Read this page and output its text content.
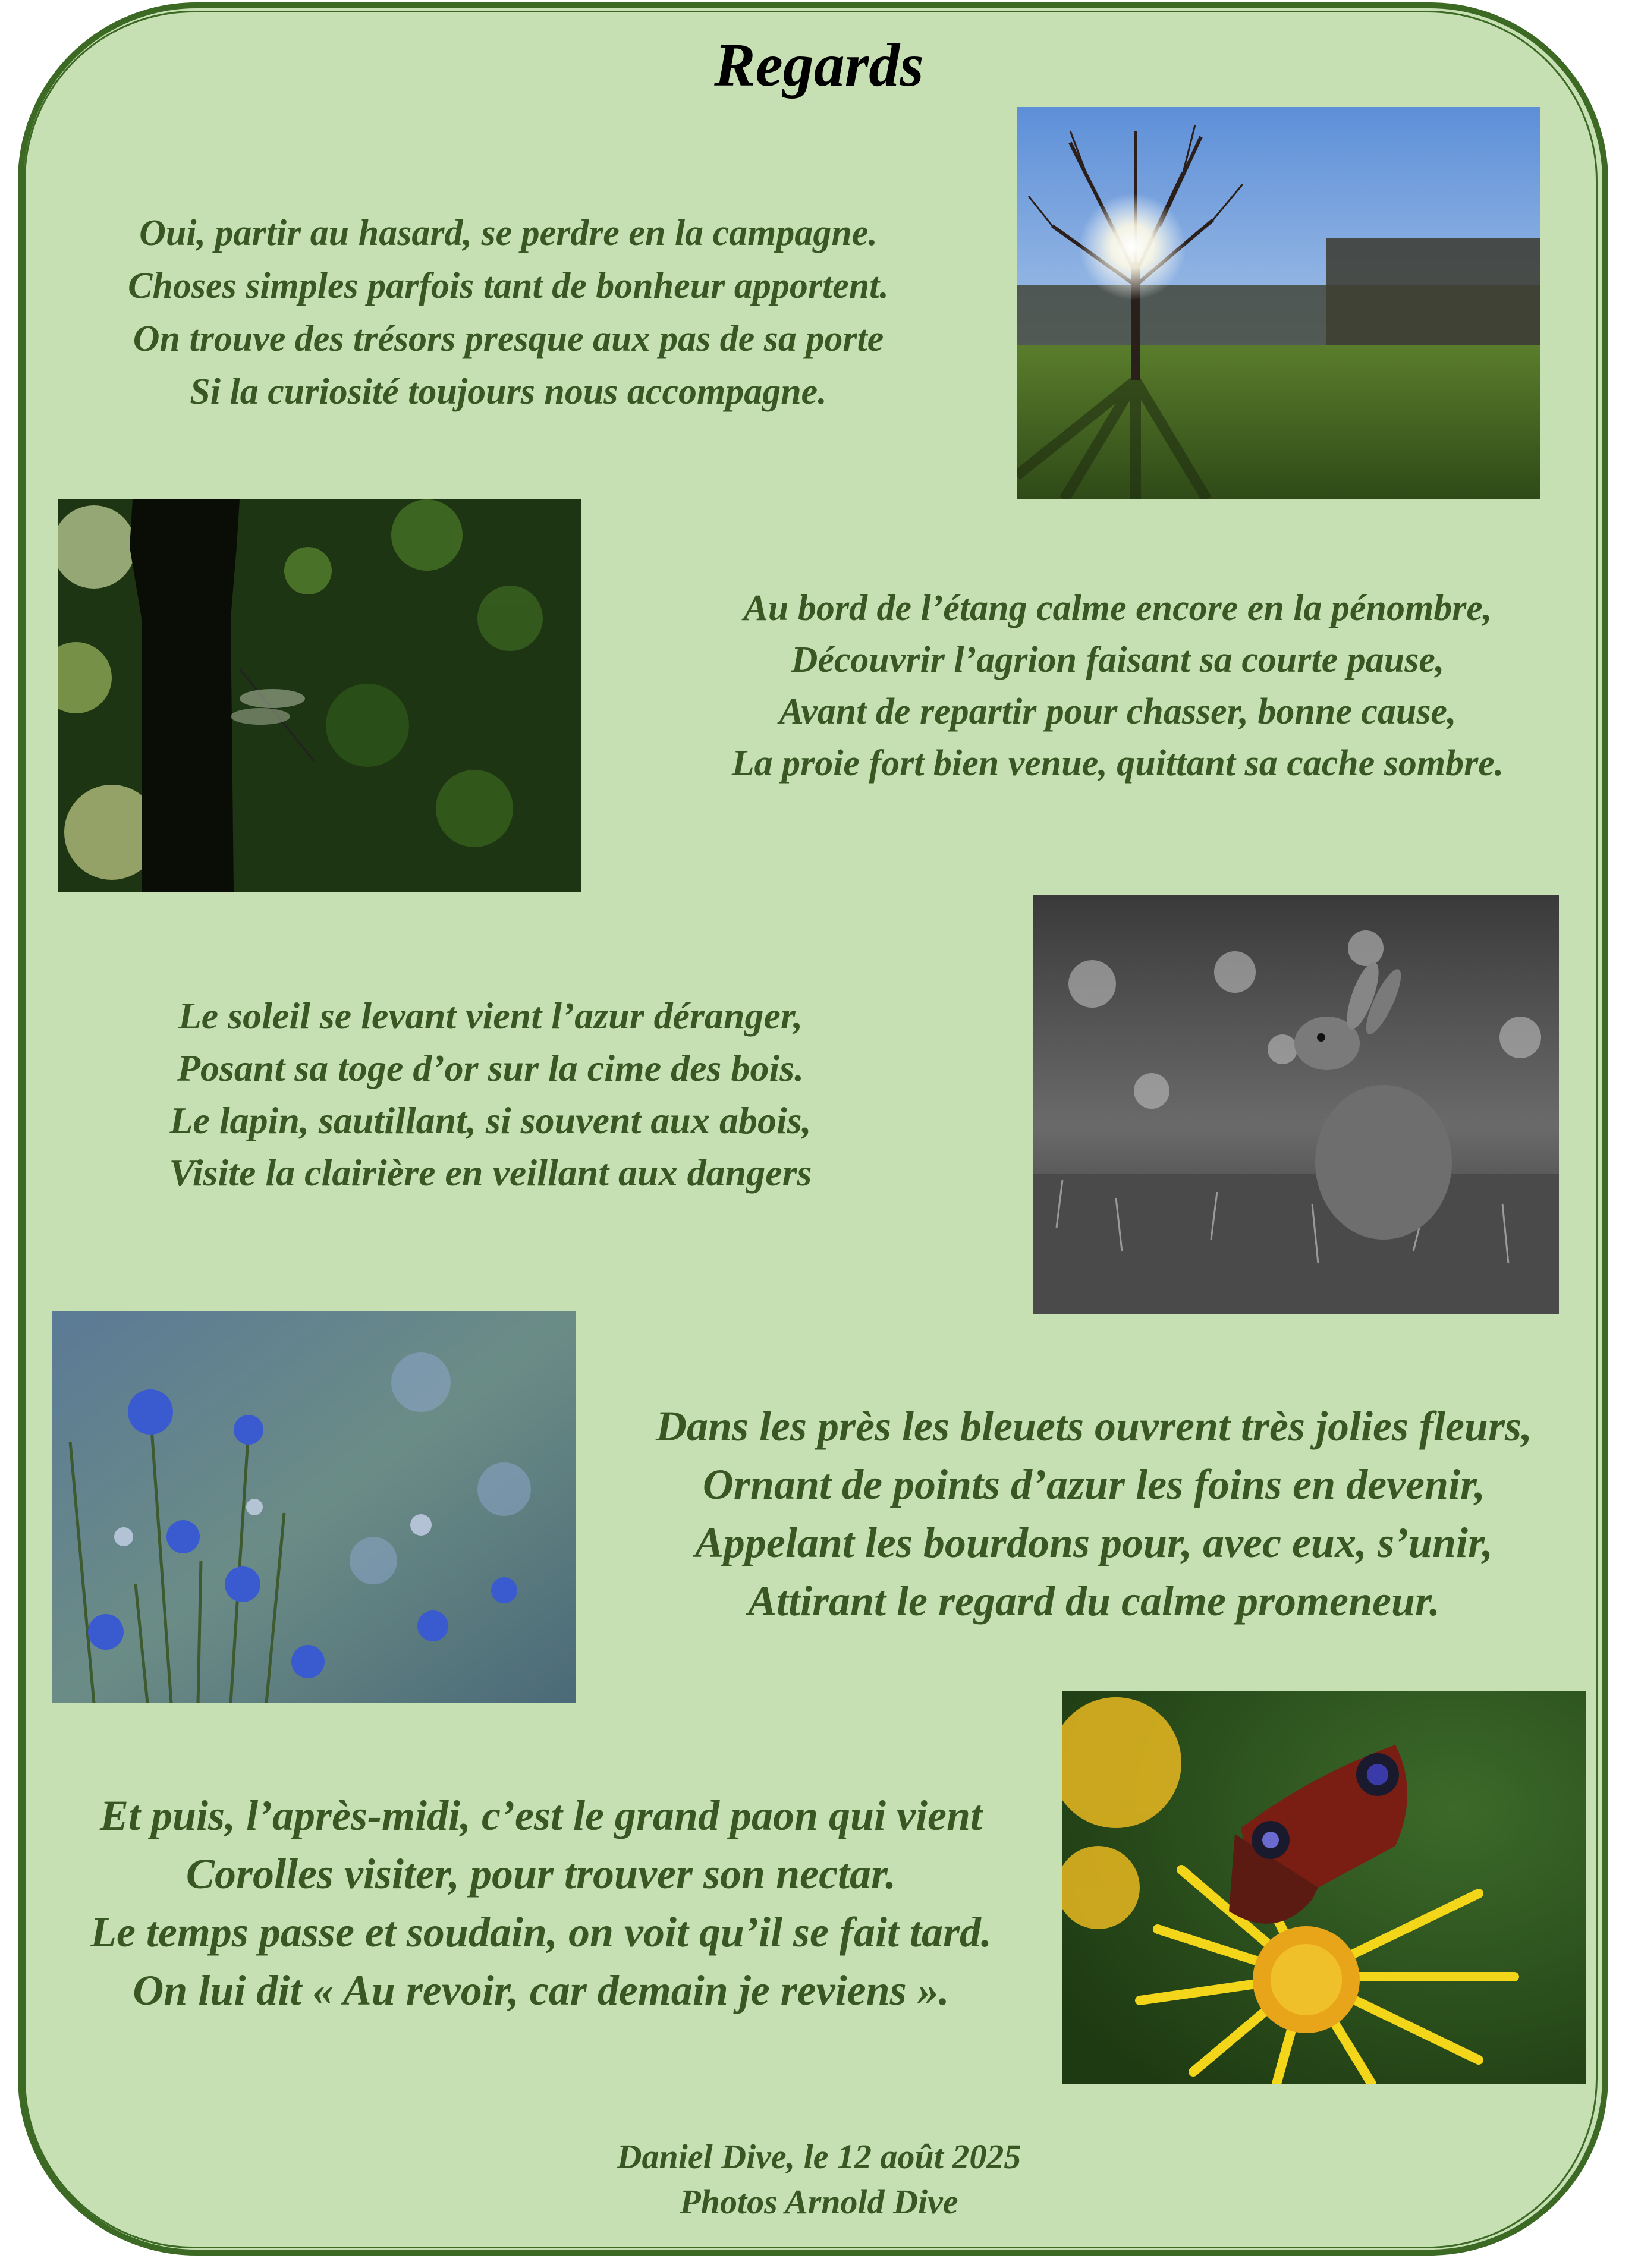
Regards
Oui, partir au hasard, se perdre en la campagne.
Choses simples parfois tant de bonheur apportent.
On trouve des trésors presque aux pas de sa porte
Si la curiosité toujours nous accompagne.
Au bord de l’étang calme encore en la pénombre,
Découvrir l’agrion faisant sa courte pause,
Avant de repartir pour chasser, bonne cause,
La proie fort bien venue, quittant sa cache sombre.
Le soleil se levant vient l’azur déranger,
Posant sa toge d’or sur la cime des bois.
Le lapin, sautillant, si souvent aux abois,
Visite la clairière en veillant aux dangers
Dans les près les bleuets ouvrent très jolies fleurs,
Ornant de points d’azur les foins en devenir,
Appelant les bourdons pour, avec eux, s’unir,
Attirant le regard du calme promeneur.
Et puis, l’après-midi, c’est le grand paon qui vient
Corolles visiter, pour trouver son nectar.
Le temps passe et soudain, on voit qu’il se fait tard.
On lui dit « Au revoir, car demain je reviens ».
Daniel Dive, le 12 août 2025
Photos Arnold Dive
